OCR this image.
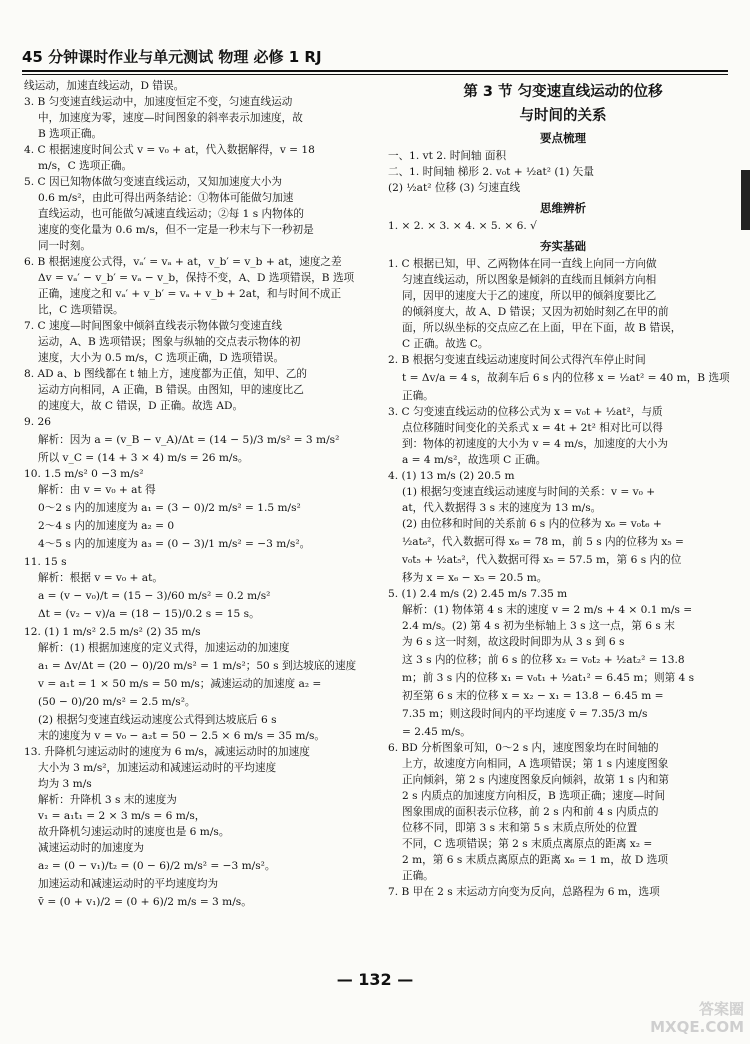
45 分钟课时作业与单元测试 物理 必修 1 RJ

线运动，加速直线运动，D 错误。

3. B 匀变速直线运动中，加速度恒定不变，匀速直线运动

中，加速度为零，速度—时间图象的斜率表示加速度，故

B 选项正确。

4. C 根据速度时间公式 v = v₀ + at，代入数据解得，v = 18

m/s，C 选项正确。

5. C 因已知物体做匀变速直线运动，又知加速度大小为

0.6 m/s²，由此可得出两条结论：①物体可能做匀加速

直线运动，也可能做匀减速直线运动；②每 1 s 内物体的

速度的变化量为 0.6 m/s，但不一定是一秒末与下一秒初是

同一时刻。

6. B 根据速度公式得，vₐ′ = vₐ + at，v_b′ = v_b + at，速度之差

Δv = vₐ′ − v_b′ = vₐ − v_b，保持不变，A、D 选项错误，B 选项

正确，速度之和 vₐ′ + v_b′ = vₐ + v_b + 2at，和与时间不成正

比，C 选项错误。

7. C 速度—时间图象中倾斜直线表示物体做匀变速直线

运动，A、B 选项错误；图象与纵轴的交点表示物体的初

速度，大小为 0.5 m/s，C 选项正确，D 选项错误。

8. AD a、b 图线都在 t 轴上方，速度都为正值，知甲、乙的

运动方向相同，A 正确，B 错误。由图知，甲的速度比乙

的速度大，故 C 错误，D 正确。故选 AD。

9. 26

解析：因为 a = (v_B − v_A)/Δt = (14 − 5)/3 m/s² = 3 m/s²

所以 v_C = (14 + 3 × 4) m/s = 26 m/s。

10. 1.5 m/s² 0 −3 m/s²

解析：由 v = v₀ + at 得

0～2 s 内的加速度为 a₁ = (3 − 0)/2 m/s² = 1.5 m/s²

2～4 s 内的加速度为 a₂ = 0

4～5 s 内的加速度为 a₃ = (0 − 3)/1 m/s² = −3 m/s²。

11. 15 s

解析：根据 v = v₀ + at。

a = (v − v₀)/t = (15 − 3)/60 m/s² = 0.2 m/s²

Δt = (v₂ − v)/a = (18 − 15)/0.2 s = 15 s。

12. (1) 1 m/s² 2.5 m/s² (2) 35 m/s

解析：(1) 根据加速度的定义式得，加速运动的加速度

a₁ = Δv/Δt = (20 − 0)/20 m/s² = 1 m/s²；50 s 到达坡底的速度

v = a₁t = 1 × 50 m/s = 50 m/s；减速运动的加速度 a₂ =

(50 − 0)/20 m/s² = 2.5 m/s²。

(2) 根据匀变速直线运动速度公式得到达坡底后 6 s

末的速度为 v = v₀ − a₂t = 50 − 2.5 × 6 m/s = 35 m/s。

13. 升降机匀速运动时的速度为 6 m/s，减速运动时的加速度

大小为 3 m/s²，加速运动和减速运动时的平均速度

均为 3 m/s

解析：升降机 3 s 末的速度为

v₁ = a₁t₁ = 2 × 3 m/s = 6 m/s，

故升降机匀速运动时的速度也是 6 m/s。

减速运动时的加速度为

a₂ = (0 − v₁)/t₂ = (0 − 6)/2 m/s² = −3 m/s²。

加速运动和减速运动时的平均速度均为

v̄ = (0 + v₁)/2 = (0 + 6)/2 m/s = 3 m/s。

第 3 节 匀变速直线运动的位移
与时间的关系

要点梳理

一、1. vt 2. 时间轴 面积

二、1. 时间轴 梯形 2. v₀t + ½at² (1) 矢量

(2) ½at² 位移 (3) 匀速直线

思维辨析

1. × 2. × 3. × 4. × 5. × 6. √

夯实基础

1. C 根据已知，甲、乙两物体在同一直线上向同一方向做

匀速直线运动，所以图象是倾斜的直线而且倾斜方向相

同，因甲的速度大于乙的速度，所以甲的倾斜度要比乙

的倾斜度大，故 A、D 错误；又因为初始时刻乙在甲的前

面，所以纵坐标的交点应乙在上面，甲在下面，故 B 错误，

C 正确。故选 C。

2. B 根据匀变速直线运动速度时间公式得汽车停止时间

t = Δv/a = 4 s，故刹车后 6 s 内的位移 x = ½at² = 40 m，B 选项

正确。

3. C 匀变速直线运动的位移公式为 x = v₀t + ½at²，与质

点位移随时间变化的关系式 x = 4t + 2t² 相对比可以得

到：物体的初速度的大小为 v = 4 m/s，加速度的大小为

a = 4 m/s²，故选项 C 正确。

4. (1) 13 m/s (2) 20.5 m

(1) 根据匀变速直线运动速度与时间的关系：v = v₀ +

at，代入数据得 3 s 末的速度为 13 m/s。

(2) 由位移和时间的关系前 6 s 内的位移为 x₆ = v₀t₆ +

½at₆²，代入数据可得 x₆ = 78 m，前 5 s 内的位移为 x₅ =

v₀t₅ + ½at₅²，代入数据可得 x₅ = 57.5 m，第 6 s 内的位

移为 x = x₆ − x₅ = 20.5 m。

5. (1) 2.4 m/s (2) 2.45 m/s 7.35 m

解析：(1) 物体第 4 s 末的速度 v = 2 m/s + 4 × 0.1 m/s =

2.4 m/s。(2) 第 4 s 初为坐标轴上 3 s 这一点，第 6 s 末

为 6 s 这一时刻，故这段时间即为从 3 s 到 6 s

这 3 s 内的位移；前 6 s 的位移 x₂ = v₀t₂ + ½at₂² = 13.8

m；前 3 s 内的位移 x₁ = v₀t₁ + ½at₁² = 6.45 m；则第 4 s

初至第 6 s 末的位移 x = x₂ − x₁ = 13.8 − 6.45 m =

7.35 m；则这段时间内的平均速度 v̄ = 7.35/3 m/s

= 2.45 m/s。

6. BD 分析图象可知，0～2 s 内，速度图象均在时间轴的

上方，故速度方向相同，A 选项错误；第 1 s 内速度图象

正向倾斜，第 2 s 内速度图象反向倾斜，故第 1 s 内和第

2 s 内质点的加速度方向相反，B 选项正确；速度—时间

图象围成的面积表示位移，前 2 s 内和前 4 s 内质点的

位移不同，即第 3 s 末和第 5 s 末质点所处的位置

不同，C 选项错误；第 2 s 末质点离原点的距离 x₂ =

2 m，第 6 s 末质点离原点的距离 x₆ = 1 m，故 D 选项

正确。

7. B 甲在 2 s 末运动方向变为反向，总路程为 6 m，选项

— 132 —
答案圈
MXQE.COM
